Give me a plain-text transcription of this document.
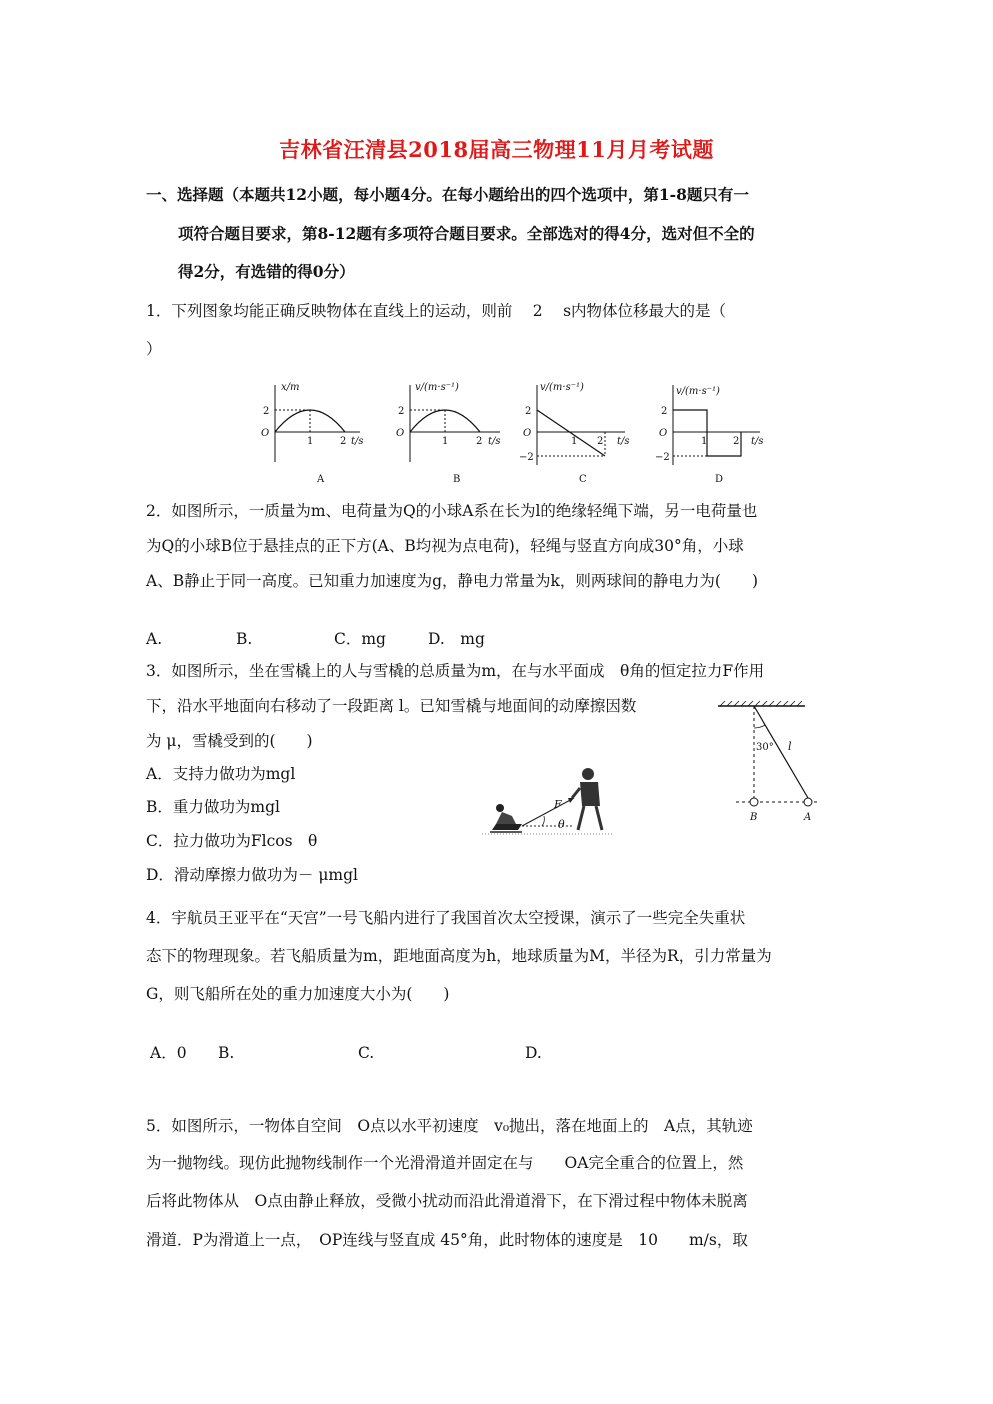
吉林省汪清县2018届高三物理11月月考试题
一、选择题（本题共12小题，每小题4分。在每小题给出的四个选项中，第1-8题只有一
项符合题目要求，第8-12题有多项符合题目要求。全部选对的得4分，选对但不全的
得2分，有选错的得0分）
1．下列图象均能正确反映物体在直线上的运动，则前　 2　 s内物体位移最大的是（
）
x/m
2
O
1	2 t/s
A
v/(m·s⁻¹)
2
O
1	2 t/s
B
v/(m·s⁻¹)
2
−2
O
1 2 t/s
C
v/(m·s⁻¹)
2
−2
O
1	2 t/s
D
2．如图所示，一质量为m、电荷量为Q的小球A系在长为l的绝缘轻绳下端，另一电荷量也
为Q的小球B位于悬挂点的正下方(A、B均视为点电荷)，轻绳与竖直方向成30°角，小球
A、B静止于同一高度。已知重力加速度为g，静电力常量为k，则两球间的静电力为(　　)
A.	B.	C．mg	D.　mg
3．如图所示，坐在雪橇上的人与雪橇的总质量为m，在与水平面成　θ角的恒定拉力F作用
下，沿水平地面向右移动了一段距离 l。已知雪橇与地面间的动摩擦因数
为 μ，雪橇受到的(　　)
A．支持力做功为mgl
B．重力做功为mgl
C．拉力做功为Flcos　θ
D．滑动摩擦力做功为－ μmgl
30° l
B	A
F
θ
4．宇航员王亚平在“天宫”一号飞船内进行了我国首次太空授课，演示了一些完全失重状
态下的物理现象。若飞船质量为m，距地面高度为h，地球质量为M，半径为R，引力常量为
G，则飞船所在处的重力加速度大小为(　　)
A．0 B.	C.	D.
5．如图所示，一物体自空间　O点以水平初速度　v₀抛出，落在地面上的　A点，其轨迹
为一抛物线。现仿此抛物线制作一个光滑滑道并固定在与　　OA完全重合的位置上，然
后将此物体从　O点由静止释放，受微小扰动而沿此滑道滑下，在下滑过程中物体未脱离
滑道．P为滑道上一点，　OP连线与竖直成 45°角，此时物体的速度是　10　　m/s，取
